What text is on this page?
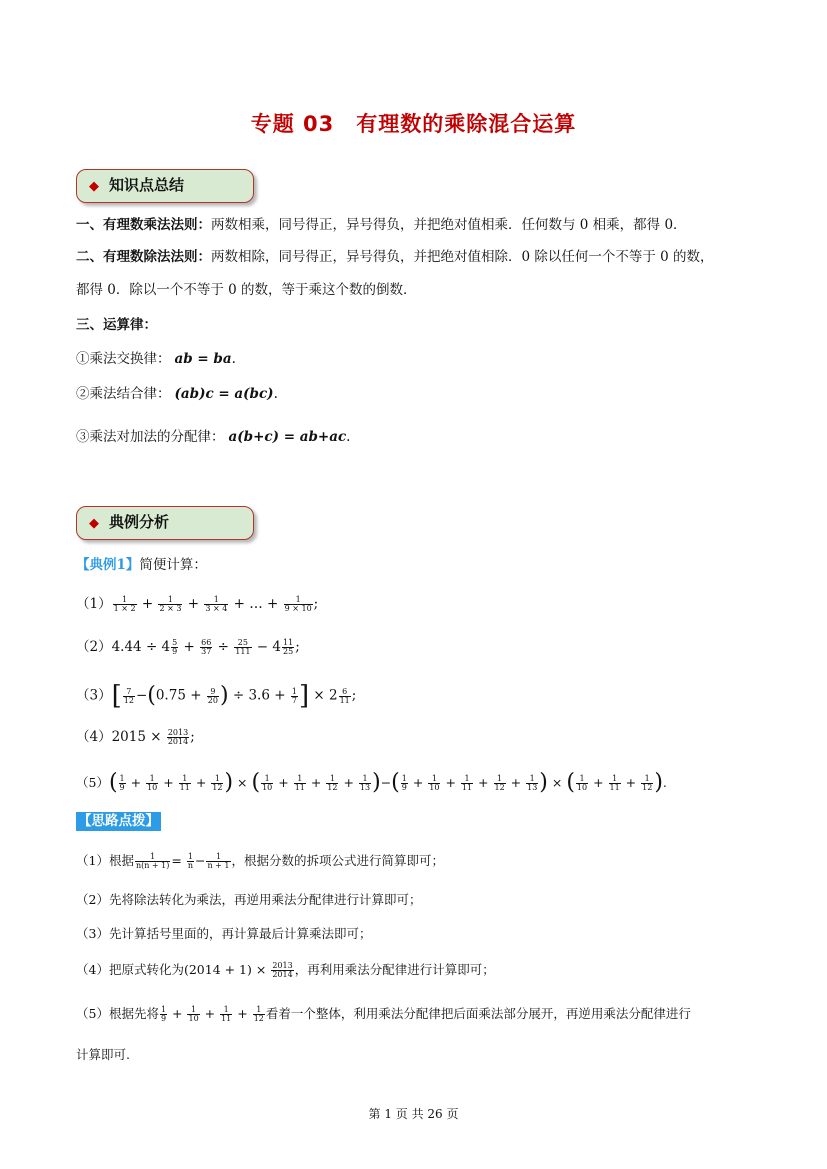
专题 03　有理数的乘除混合运算
◆ 知识点总结
一、有理数乘法法则：两数相乘，同号得正，异号得负，并把绝对值相乘．任何数与 0 相乘，都得 0．
二、有理数除法法则：两数相除，同号得正，异号得负，并把绝对值相除．0 除以任何一个不等于 0 的数，
都得 0．除以一个不等于 0 的数，等于乘这个数的倒数．
三、运算律：
①乘法交换律： ab = ba.
②乘法结合律： (ab)c = a(bc).
③乘法对加法的分配律： a(b+c) = ab+ac.
◆ 典例分析
【典例1】简便计算：
$(1) \frac{1}{1 \times 2} + \frac{1}{2 \times 3} + \frac{1}{3 \times 4}$ + … + $\frac{1}{9 \times 10}$ ;
$(2)4.44 \div 4 \frac{5}{9} + \frac{66}{37} \div \frac{25}{111} - 4 \frac{11}{25}$ ;
$(3)[ \frac{7}{12} -(0.75 + \frac{9}{20}$ ) ÷ $3.6 + \frac{1}{7}$ ] × $2 \frac{6}{11}$ ;
$(4)2015 \times \frac{2013}{2014}$ ;
$(5)( \frac{1}{9} + \frac{1}{10} + \frac{1}{11} + \frac{1}{12}$ ) × ( $\frac{1}{10} + \frac{1}{11} + \frac{1}{12} + \frac{1}{13}$ )−( $\frac{1}{9} + \frac{1}{10} + \frac{1}{11} + \frac{1}{12} + \frac{1}{13}$ ) × ( $\frac{1}{10} + \frac{1}{11} + \frac{1}{12}$ ).
【思路点拨】
（1）根据 $\frac{1}{n(n + 1)} = \frac{1}{n} - \frac{1}{n + 1}$ ，根据分数的拆项公式进行简算即可；
（2）先将除法转化为乘法，再逆用乘法分配律进行计算即可；
（3）先计算括号里面的，再计算最后计算乘法即可；
（4）把原式转化为$(2014 + 1) \times \frac{2013}{2014}$ ，再利用乘法分配律进行计算即可；
（5）根据先将 $\frac{1}{9} + \frac{1}{10} + \frac{1}{11} + \frac{1}{12}$ 看着一个整体，利用乘法分配律把后面乘法部分展开，再逆用乘法分配律进行
计算即可.
第 1 页 共 26 页
